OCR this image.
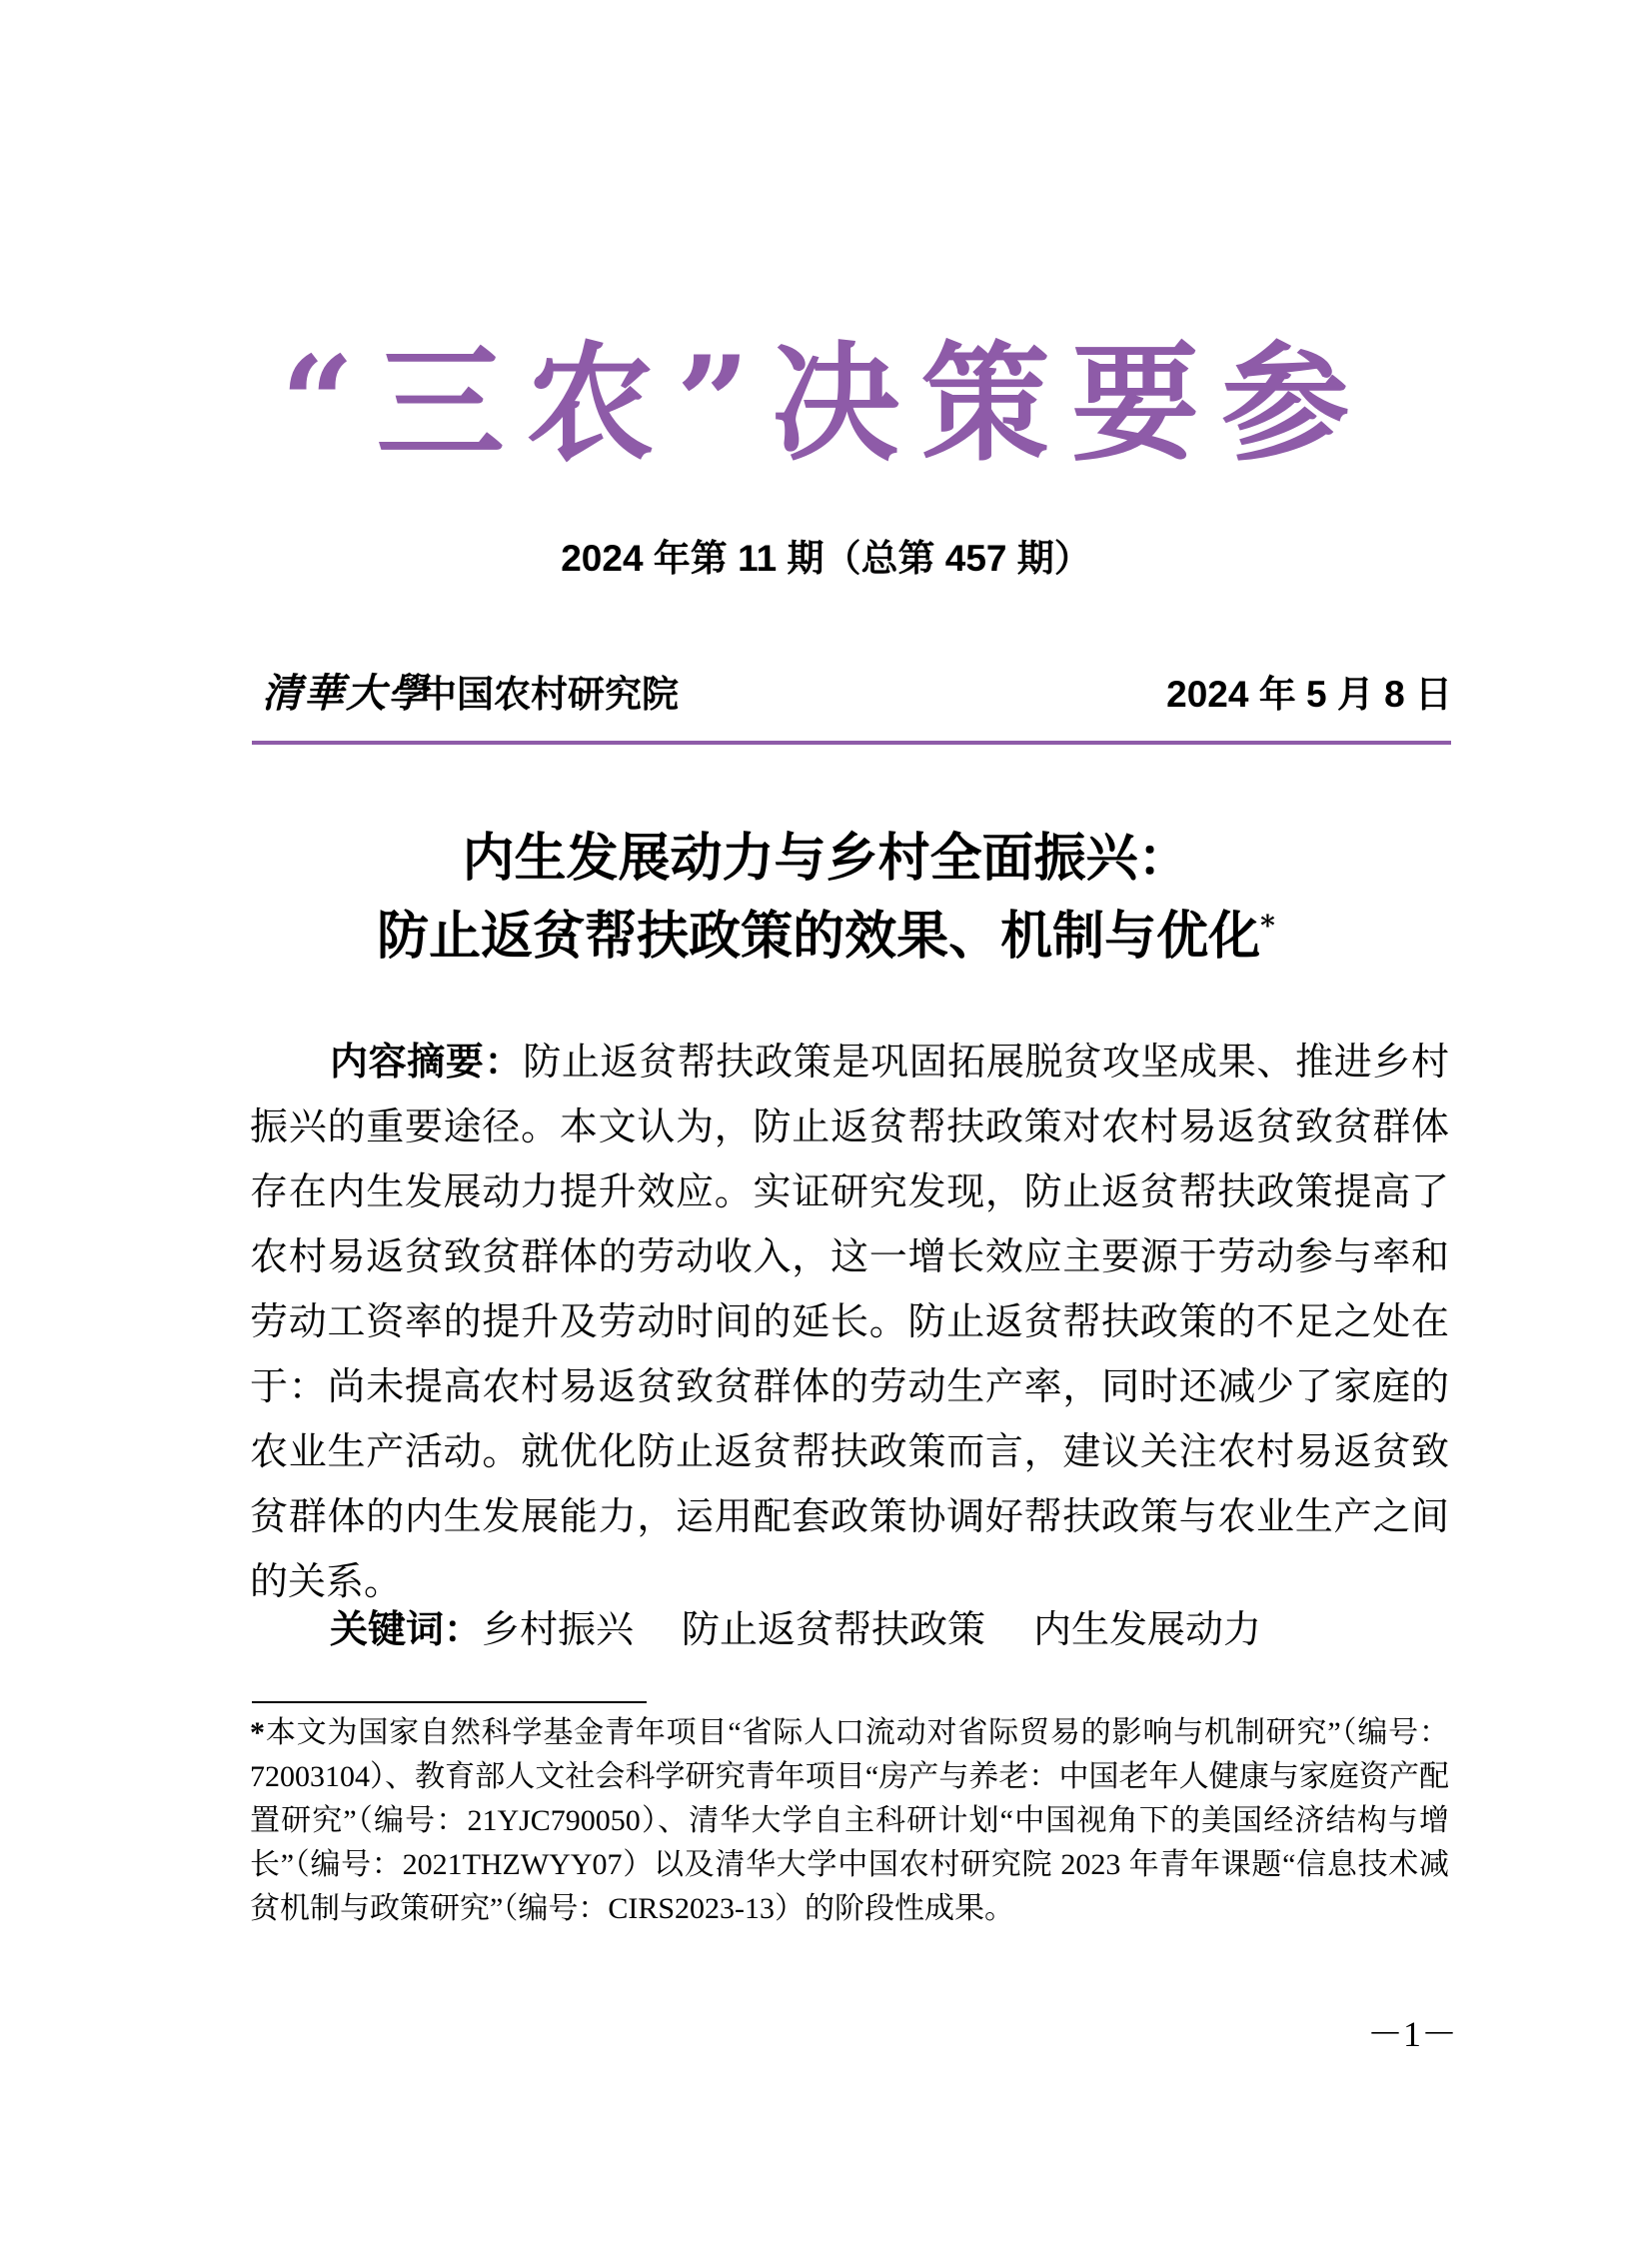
“三农”决策要参
2024 年第 11 期（总第 457 期）
清華大學
中国农村研究院	2024 年 5 月 8 日
内生发展动力与乡村全面振兴：
防止返贫帮扶政策的效果、机制与优化*

内容摘要：防止返贫帮扶政策是巩固拓展脱贫攻坚成果、推进乡村振兴的重要途径。本文认为，防止返贫帮扶政策对农村易返贫致贫群体存在内生发展动力提升效应。实证研究发现，防止返贫帮扶政策提高了农村易返贫致贫群体的劳动收入，这一增长效应主要源于劳动参与率和劳动工资率的提升及劳动时间的延长。防止返贫帮扶政策的不足之处在于：尚未提高农村易返贫致贫群体的劳动生产率，同时还减少了家庭的农业生产活动。就优化防止返贫帮扶政策而言，建议关注农村易返贫致贫群体的内生发展能力，运用配套政策协调好帮扶政策与农业生产之间的关系。

关键词：乡村振兴 防止返贫帮扶政策 内生发展动力

*本文为国家自然科学基金青年项目“省际人口流动对省际贸易的影响与机制研究”（编号：72003104）、教育部人文社会科学研究青年项目“房产与养老：中国老年人健康与家庭资产配置研究”（编号：21YJC790050）、清华大学自主科研计划“中国视角下的美国经济结构与增长”（编号：2021THZWYY07）以及清华大学中国农村研究院 2023 年青年课题“信息技术减贫机制与政策研究”（编号：CIRS2023-13）的阶段性成果。

－1－
